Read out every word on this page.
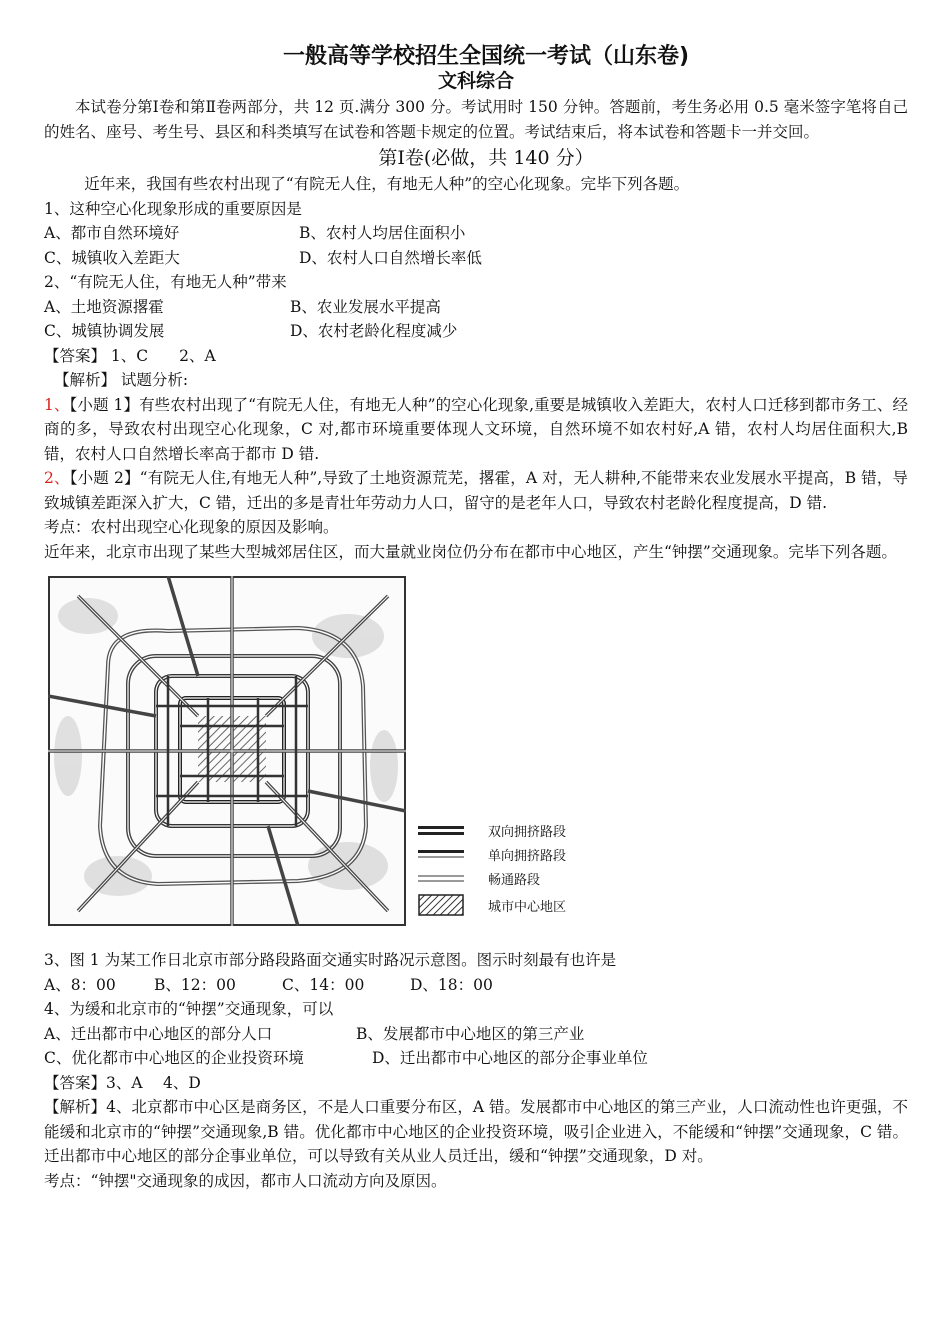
一般高等学校招生全国统一考试（山东卷)
文科综合

本试卷分第Ⅰ卷和第Ⅱ卷两部分，共 12 页.满分 300 分。考试用时 150 分钟。答题前，考生务必用 0.5 毫米签字笔将自己的姓名、座号、考生号、县区和科类填写在试卷和答题卡规定的位置。考试结束后，将本试卷和答题卡一并交回。

第Ⅰ卷(必做，共 140 分）

近年来，我国有些农村出现了“有院无人住，有地无人种”的空心化现象。完毕下列各题。

1、这种空心化现象形成的重要原因是

A、都市自然环境好	B、农村人均居住面积小
C、城镇收入差距大	D、农村人口自然增长率低

2、“有院无人住，有地无人种”带来

A、土地资源撂霍	B、农业发展水平提高
C、城镇协调发展	D、农村老龄化程度减少

【答案】 1、C　　2、A

【解析】 试题分析:

1、【小题 1】有些农村出现了“有院无人住，有地无人种”的空心化现象,重要是城镇收入差距大，农村人口迁移到都市务工、经商的多，导致农村出现空心化现象，C 对,都市环境重要体现人文环境，自然环境不如农村好,A 错，农村人均居住面积大,B 错，农村人口自然增长率高于都市 D 错.

2、【小题 2】“有院无人住,有地无人种”,导致了土地资源荒芜，撂霍，A 对，无人耕种,不能带来农业发展水平提高，B 错，导致城镇差距深入扩大，C 错，迁出的多是青壮年劳动力人口，留守的是老年人口，导致农村老龄化程度提高，D 错.

考点：农村出现空心化现象的原因及影响。

近年来，北京市出现了某些大型城郊居住区，而大量就业岗位仍分布在都市中心地区，产生“钟摆”交通现象。完毕下列各题。

双向拥挤路段
单向拥挤路段
畅通路段
城市中心地区

3、图 1 为某工作日北京市部分路段路面交通实时路况示意图。图示时刻最有也许是

A、8：00	B、12：00	C、14：00	D、18：00

4、为缓和北京市的“钟摆”交通现象，可以

A、迁出都市中心地区的部分人口	B、发展都市中心地区的第三产业
C、优化都市中心地区的企业投资环境	D、迁出都市中心地区的部分企事业单位

【答案】3、A　 4、D

【解析】4、北京都市中心区是商务区，不是人口重要分布区，A 错。发展都市中心地区的第三产业，人口流动性也许更强，不能缓和北京市的“钟摆”交通现象,B 错。优化都市中心地区的企业投资环境，吸引企业进入，不能缓和“钟摆”交通现象，C 错。迁出都市中心地区的部分企事业单位，可以导致有关从业人员迁出，缓和“钟摆”交通现象，D 对。

考点：“钟摆"交通现象的成因，都市人口流动方向及原因。
